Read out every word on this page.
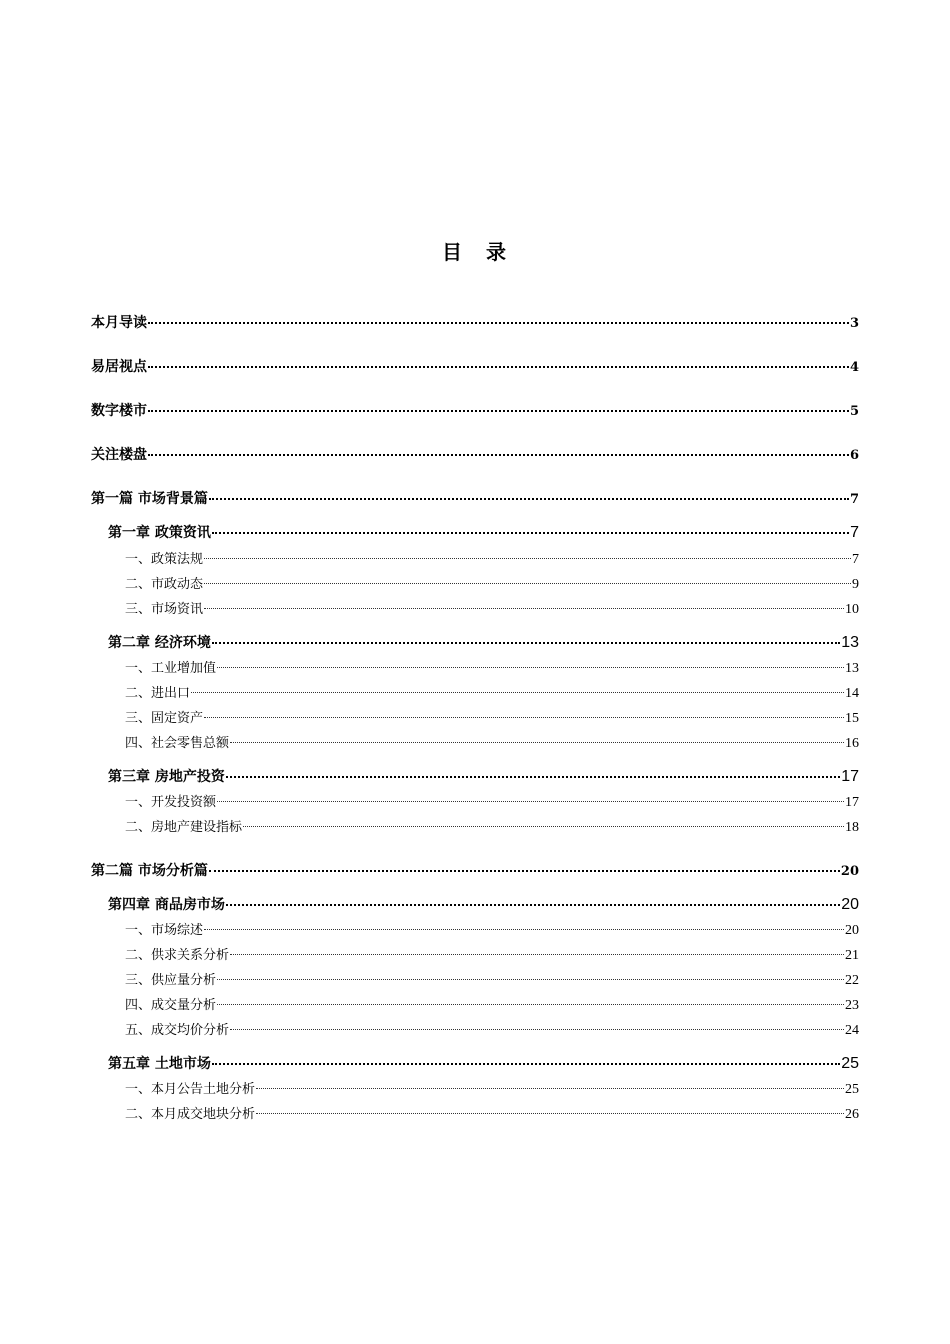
目　录
本月导读	3
易居视点	4
数字楼市	5
关注楼盘	6
第一篇 市场背景篇	7
第一章 政策资讯	7
一、政策法规	7
二、市政动态	9
三、市场资讯	10
第二章 经济环境	13
一、工业增加值	13
二、进出口	14
三、固定资产	15
四、社会零售总额	16
第三章 房地产投资	17
一、开发投资额	17
二、房地产建设指标	18
第二篇 市场分析篇	20
第四章 商品房市场	20
一、市场综述	20
二、供求关系分析	21
三、供应量分析	22
四、成交量分析	23
五、成交均价分析	24
第五章 土地市场	25
一、本月公告土地分析	25
二、本月成交地块分析	26
